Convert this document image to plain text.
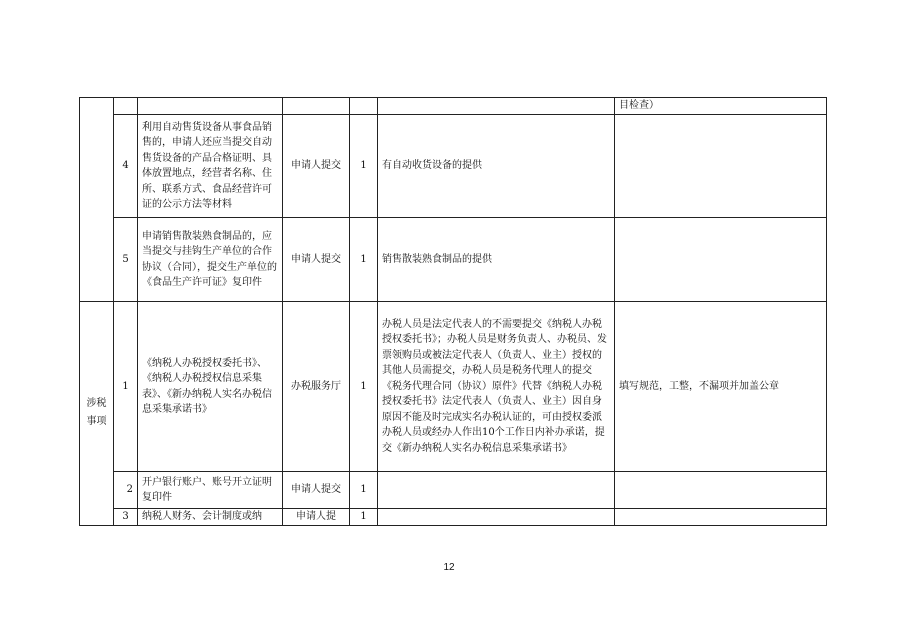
						目检查）
	4	利用自动售货设备从事食品销售的，申请人还应当提交自动售货设备的产品合格证明、具体放置地点，经营者名称、住所、联系方式、食品经营许可证的公示方法等材料	申请人提交	1	有自动收货设备的提供	
	5	申请销售散装熟食制品的，应当提交与挂钩生产单位的合作协议（合同），提交生产单位的《食品生产许可证》复印件	申请人提交	1	销售散装熟食制品的提供	
涉税事项	1	《纳税人办税授权委托书》、《纳税人办税授权信息采集表》、《新办纳税人实名办税信息采集承诺书》	办税服务厅	1	办税人员是法定代表人的不需要提交《纳税人办税授权委托书》；办税人员是财务负责人、办税员、发票领购员或被法定代表人（负责人、业主）授权的其他人员需提交，办税人员是税务代理人的提交《税务代理合同（协议）原件》代替《纳税人办税授权委托书》法定代表人（负责人、业主）因自身原因不能及时完成实名办税认证的，可由授权委派办税人员或经办人作出10个工作日内补办承诺，提交《新办纳税人实名办税信息采集承诺书》	填写规范，工整，不漏项并加盖公章
	2	开户银行账户、账号开立证明复印件	申请人提交	1		
	3	纳税人财务、会计制度或纳	申请人提	1		
12
